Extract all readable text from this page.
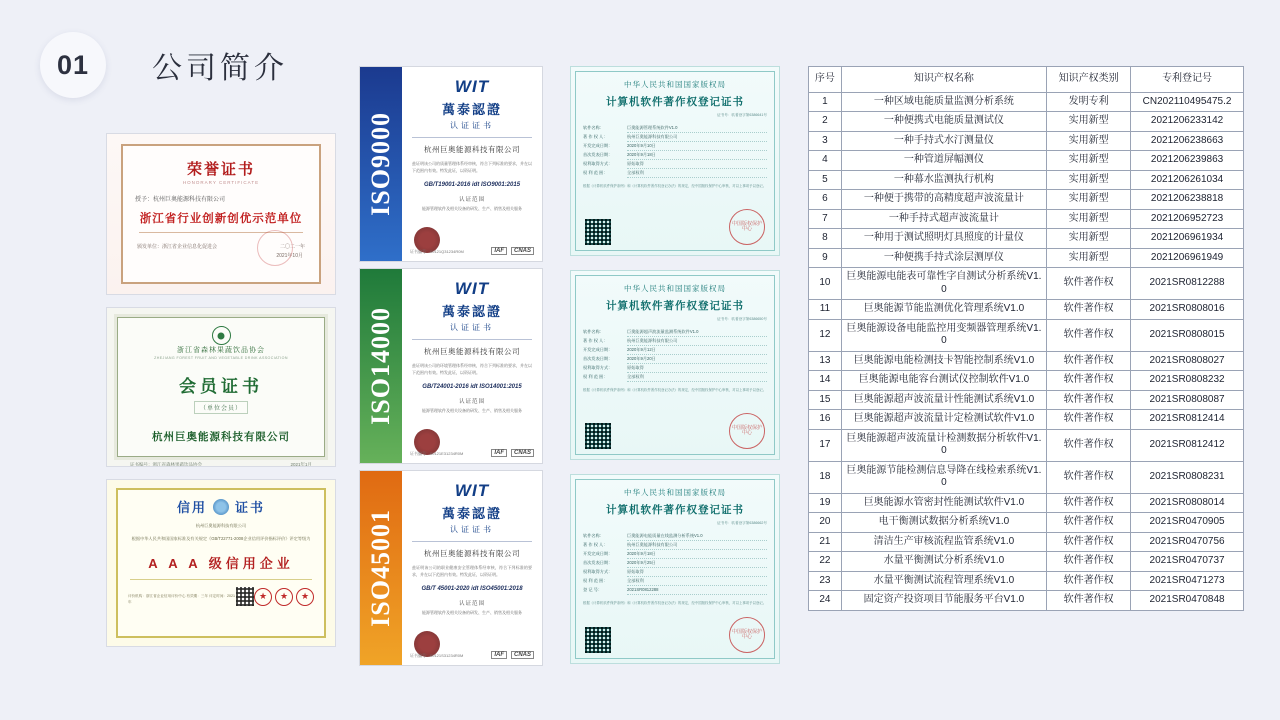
01	公司简介
荣誉证书
HONORARY CERTIFICATE
授予：杭州巨奥能源科技有限公司
浙江省行业创新创优示范单位
颁发单位：浙江省企业信息化促进会	二〇二一年
2021年10月
浙江省森林果蔬饮品协会
ZHEJIANG FOREST FRUIT AND VEGETABLE DRINK ASSOCIATION
会员证书
（单位会员）
杭州巨奥能源科技有限公司
证书编号：浙江省森林果蔬饮品协会	2021年1月
信用 证书
杭州巨奥能源科技有限公司
根据中华人民共和国国家标准及有关规定《GB/T22771-2008企业信用评价指标评价》评定等级为
A A A 级信用企业
评价机构：浙江省企业信用评价中心 有效期：三年 评定时间：2021年
★	★	★
ISO9000
WIT
萬泰認證
认证证书
杭州巨奥能源科技有限公司
兹证明该公司的质量管理体系经审核，符合下列标准的要求，并在以下范围内有效。特发此证，以资证明。
GB/T19001-2016 idt ISO9001:2015
认证范围
能源管理软件及相关设备的研发、生产、销售及相关服务
证书编号：00121Q31234R0M	IAF	CNAS
ISO14000
WIT
萬泰認證
认证证书
杭州巨奥能源科技有限公司
兹证明该公司的环境管理体系经审核，符合下列标准的要求，并在以下范围内有效。特发此证，以资证明。
GB/T24001-2016 idt ISO14001:2015
认证范围
能源管理软件及相关设备的研发、生产、销售及相关服务
证书编号：00121E31234R0M	IAF	CNAS
ISO45001
WIT
萬泰認證
认证证书
杭州巨奥能源科技有限公司
兹证明该公司的职业健康安全管理体系经审核，符合下列标准的要求，并在以下范围内有效。特发此证，以资证明。
GB/T 45001-2020 idt ISO45001:2018
认证范围
能源管理软件及相关设备的研发、生产、销售及相关服务
证书编号：00121S31234R0M	IAF	CNAS
中华人民共和国国家版权局
计算机软件著作权登记证书
证书号：软著登字第6386641号
软件名称：	巨奥能源管理系统软件V1.0
著 作 权 人：	杭州巨奥能源科技有限公司
开发完成日期：	2020年9月10日
首次发表日期：	2020年9月18日
权利取得方式：	原始取得
权 利 范 围：	全部权利
根据《计算机软件保护条例》和《计算机软件著作权登记办法》的规定，经中国版权保护中心审核，对以上事项予以登记。
中国版权保护中心
中华人民共和国国家版权局
计算机软件著作权登记证书
证书号：软著登字第6386650号
软件名称：	巨奥能源超声波流量监测系统软件V1.0
著 作 权 人：	杭州巨奥能源科技有限公司
开发完成日期：	2020年9月12日
首次发表日期：	2020年9月20日
权利取得方式：	原始取得
权 利 范 围：	全部权利
根据《计算机软件保护条例》和《计算机软件著作权登记办法》的规定，经中国版权保护中心审核，对以上事项予以登记。
中国版权保护中心
中华人民共和国国家版权局
计算机软件著作权登记证书
证书号：软著登字第6386662号
软件名称：	巨奥能源电能质量在线监测分析系统V1.0
著 作 权 人：	杭州巨奥能源科技有限公司
开发完成日期：	2020年9月18日
首次发表日期：	2020年9月25日
权利取得方式：	原始取得
权 利 范 围：	全部权利
登 记 号：	2021SR0812288
根据《计算机软件保护条例》和《计算机软件著作权登记办法》的规定，经中国版权保护中心审核，对以上事项予以登记。
中国版权保护中心
序号	知识产权名称	知识产权类别	专利登记号
1	一种区域电能质量监测分析系统	发明专利	CN202110495475.2
2	一种便携式电能质量测试仪	实用新型	2021206233142
3	一种手持式水汀测量仪	实用新型	2021206238663
4	一种管道屏幅测仪	实用新型	2021206239863
5	一种幕水监测执行机构	实用新型	2021206261034
6	一种便于携带的高精度超声波流量计	实用新型	2021206238818
7	一种手持式超声波流量计	实用新型	2021206952723
8	一种用于测试照明灯具照度的计量仪	实用新型	2021206961934
9	一种便携手持式涂层测厚仪	实用新型	2021206961949
10	巨奥能源电能表可靠性字自测试分析系统V1.0	软件著作权	2021SR0812288
11	巨奥能源节能监测优化管理系统V1.0	软件著作权	2021SR0808016
12	巨奥能源设备电能监控用变频器管理系统V1.0	软件著作权	2021SR0808015
13	巨奥能源电能检测技卡智能控制系统V1.0	软件著作权	2021SR0808027
14	巨奥能源电能容台测试仪控制软件V1.0	软件著作权	2021SR0808232
15	巨奥能源超声波流量计性能测试系统V1.0	软件著作权	2021SR0808087
16	巨奥能源超声波流量计定检测试软件V1.0	软件著作权	2021SR0812414
17	巨奥能源超声波流量计检测数据分析软件V1.0	软件著作权	2021SR0812412
18	巨奥能源节能检测信息导降在线检索系统V1.0	软件著作权	2021SR0808231
19	巨奥能源水管密封性能测试软件V1.0	软件著作权	2021SR0808014
20	电干衡测试数据分析系统V1.0	软件著作权	2021SR0470905
21	清洁生产审核流程监管系统V1.0	软件著作权	2021SR0470756
22	水量平衡测试分析系统V1.0	软件著作权	2021SR0470737
23	水量平衡测试流程管理系统V1.0	软件著作权	2021SR0471273
24	固定资产投资项目节能服务平台V1.0	软件著作权	2021SR0470848
